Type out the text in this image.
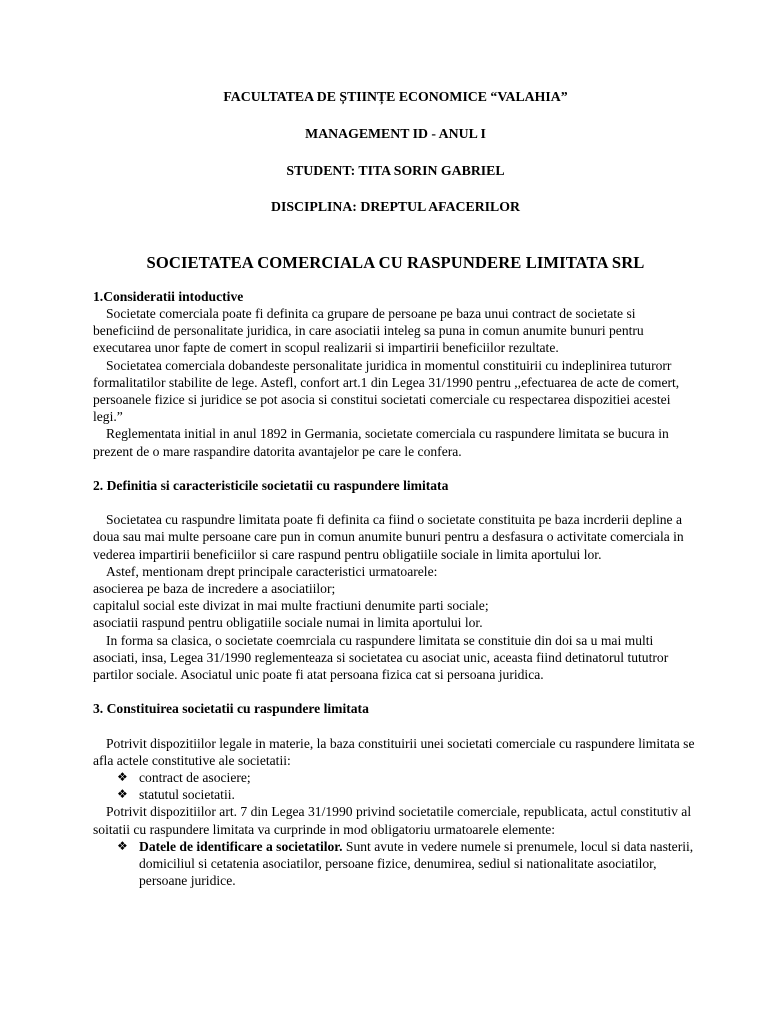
FACULTATEA DE ȘTIINȚE ECONOMICE “VALAHIA”
MANAGEMENT ID - ANUL I
STUDENT: TITA SORIN GABRIEL
DISCIPLINA: DREPTUL AFACERILOR
SOCIETATEA COMERCIALA CU RASPUNDERE LIMITATA SRL

1.Consideratii intoductive

Societate comerciala poate fi definita ca grupare de persoane pe baza unui contract de societate si beneficiind de personalitate juridica, in care asociatii inteleg sa puna in comun anumite bunuri pentru executarea unor fapte de comert in scopul realizarii si impartirii beneficiilor rezultate.

Societatea comerciala dobandeste personalitate juridica in momentul constituirii cu indeplinirea tuturorr formalitatilor stabilite de lege. Astefl, confort art.1 din Legea 31/1990 pentru ,,efectuarea de acte de comert, persoanele fizice si juridice se pot asocia si constitui societati comerciale cu respectarea dispozitiei acestei legi.”

Reglementata initial in anul 1892 in Germania, societate comerciala cu raspundere limitata se bucura in prezent de o mare raspandire datorita avantajelor pe care le confera.

2. Definitia si caracteristicile societatii cu raspundere limitata

Societatea cu raspundre limitata poate fi definita ca fiind o societate constituita pe baza incrderii depline a doua sau mai multe persoane care pun in comun anumite bunuri pentru a desfasura o activitate comerciala in vederea impartirii beneficiilor si care raspund pentru obligatiile sociale in limita aportului lor.

Astef, mentionam drept principale caracteristici urmatoarele:

asocierea pe baza de incredere a asociatiilor;

capitalul social este divizat in mai multe fractiuni denumite parti sociale;

asociatii raspund pentru obligatiile sociale numai in limita aportului lor.

In forma sa clasica, o societate coemrciala cu raspundere limitata se constituie din doi sa u mai multi asociati, insa, Legea 31/1990 reglementeaza si societatea cu asociat unic, aceasta fiind detinatorul tututror partilor sociale. Asociatul unic poate fi atat persoana fizica cat si persoana juridica.

3. Constituirea societatii cu raspundere limitata

Potrivit dispozitiilor legale in materie, la baza constituirii unei societati comerciale cu raspundere limitata se afla actele constitutive ale societatii:

❖ contract de asociere;
❖ statutul societatii.

Potrivit dispozitiilor art. 7 din Legea 31/1990 privind societatile comerciale, republicata, actul constitutiv al soitatii cu raspundere limitata va curprinde in mod obligatoriu urmatoarele elemente:

❖ Datele de identificare a societatilor. Sunt avute in vedere numele si prenumele, locul si data nasterii, domiciliul si cetatenia asociatilor, persoane fizice, denumirea, sediul si nationalitate asociatilor, persoane juridice.
